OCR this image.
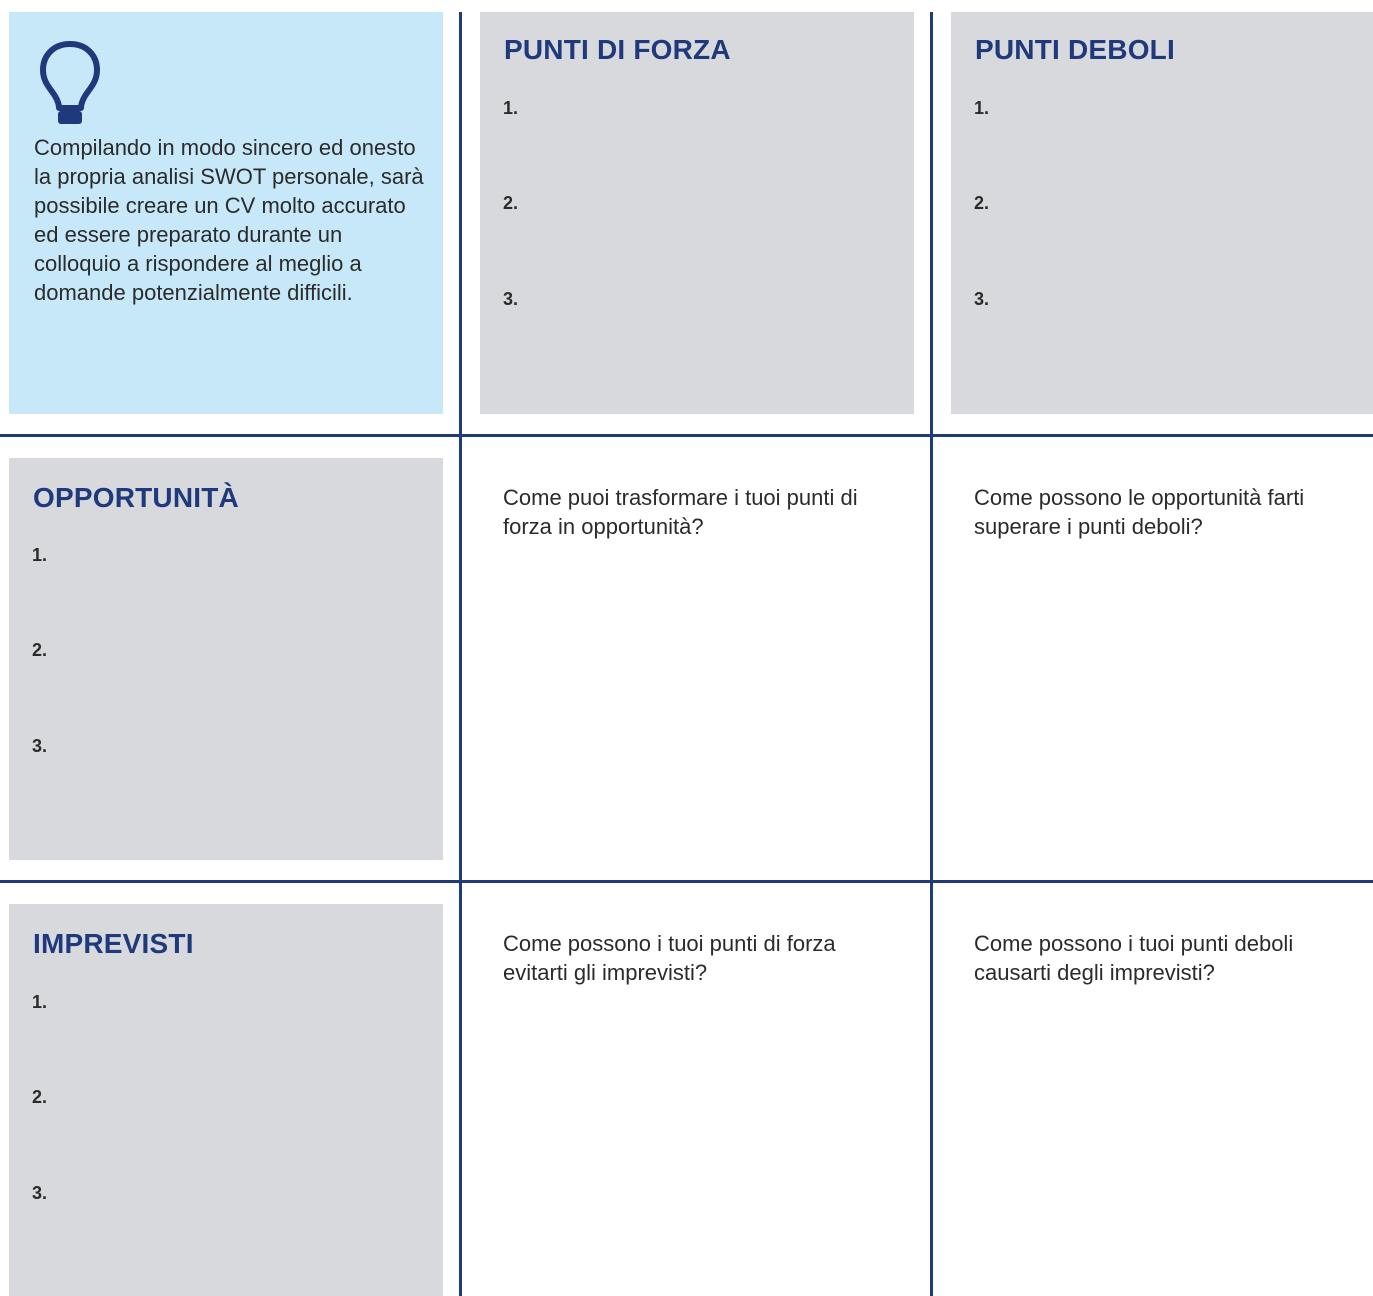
Compilando in modo sincero ed onesto la propria analisi SWOT personale, sarà possibile creare un CV molto accurato ed essere preparato durante un colloquio a rispondere al meglio a domande potenzialmente difficili.

PUNTI DI FORZA

1.

2.

3.

PUNTI DEBOLI

1.

2.

3.

OPPORTUNITÀ

1.

2.

3.

Come puoi trasformare i tuoi punti di forza in opportunità?

Come possono le opportunità farti superare i punti deboli?

IMPREVISTI

1.

2.

3.

Come possono i tuoi punti di forza evitarti gli imprevisti?

Come possono i tuoi punti deboli causarti degli imprevisti?
